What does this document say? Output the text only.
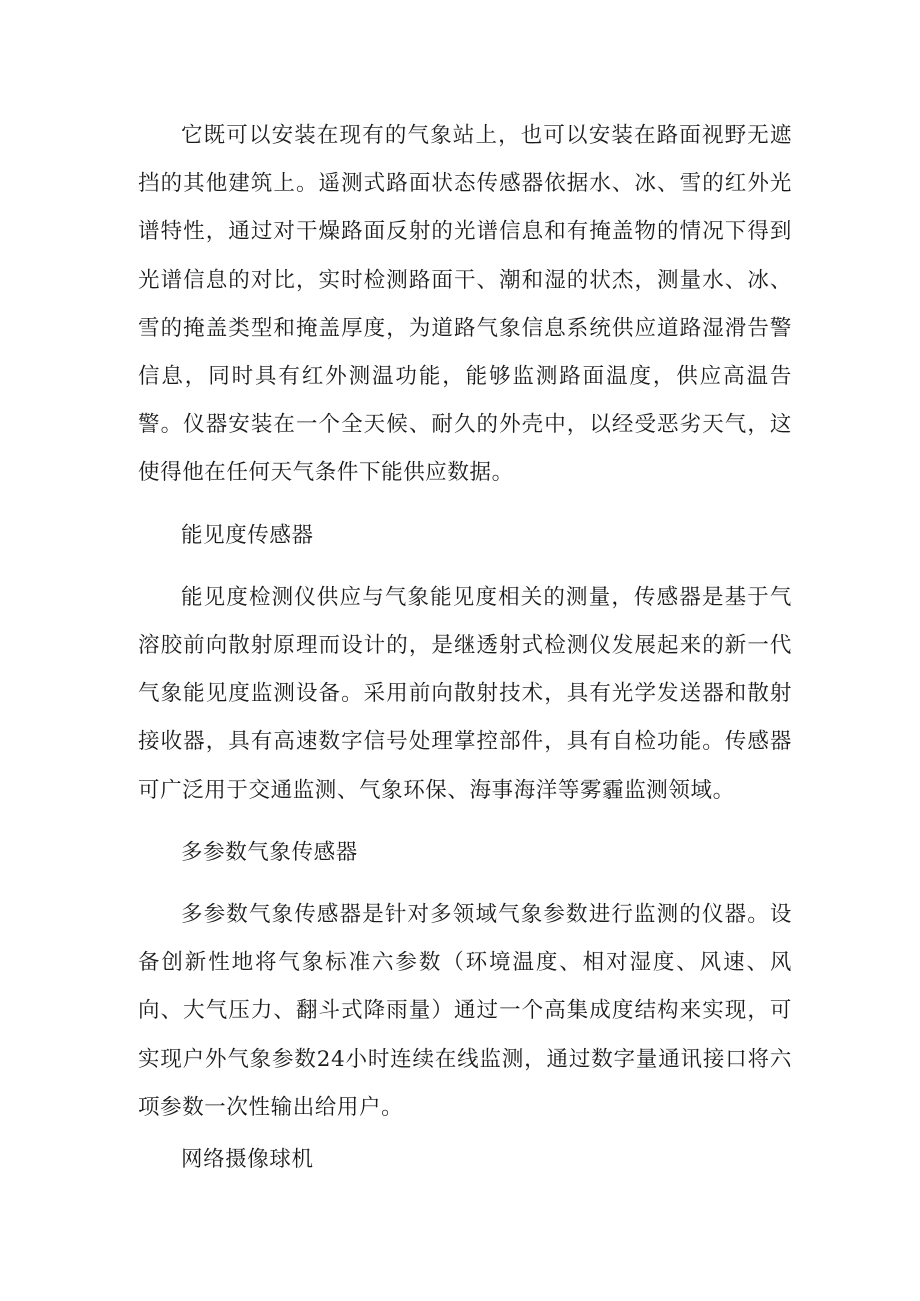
它既可以安装在现有的气象站上，也可以安装在路面视野无遮挡的其他建筑上。遥测式路面状态传感器依据水、冰、雪的红外光谱特性，通过对干燥路面反射的光谱信息和有掩盖物的情况下得到光谱信息的对比，实时检测路面干、潮和湿的状杰，测量水、冰、雪的掩盖类型和掩盖厚度，为道路气象信息系统供应道路湿滑告警信息，同时具有红外测温功能，能够监测路面温度，供应高温告警。仪器安装在一个全天候、耐久的外壳中，以经受恶劣天气，这使得他在任何天气条件下能供应数据。

能见度传感器

能见度检测仪供应与气象能见度相关的测量，传感器是基于气溶胶前向散射原理而设计的，是继透射式检测仪发展起来的新一代气象能见度监测设备。采用前向散射技术，具有光学发送器和散射接收器，具有高速数字信号处理掌控部件，具有自检功能。传感器可广泛用于交通监测、气象环保、海事海洋等雾霾监测领域。

多参数气象传感器

多参数气象传感器是针对多领域气象参数进行监测的仪器。设备创新性地将气象标准六参数（环境温度、相对湿度、风速、风向、大气压力、翻斗式降雨量）通过一个高集成度结构来实现，可实现户外气象参数24小时连续在线监测，通过数字量通讯接口将六项参数一次性输出给用户。

网络摄像球机
